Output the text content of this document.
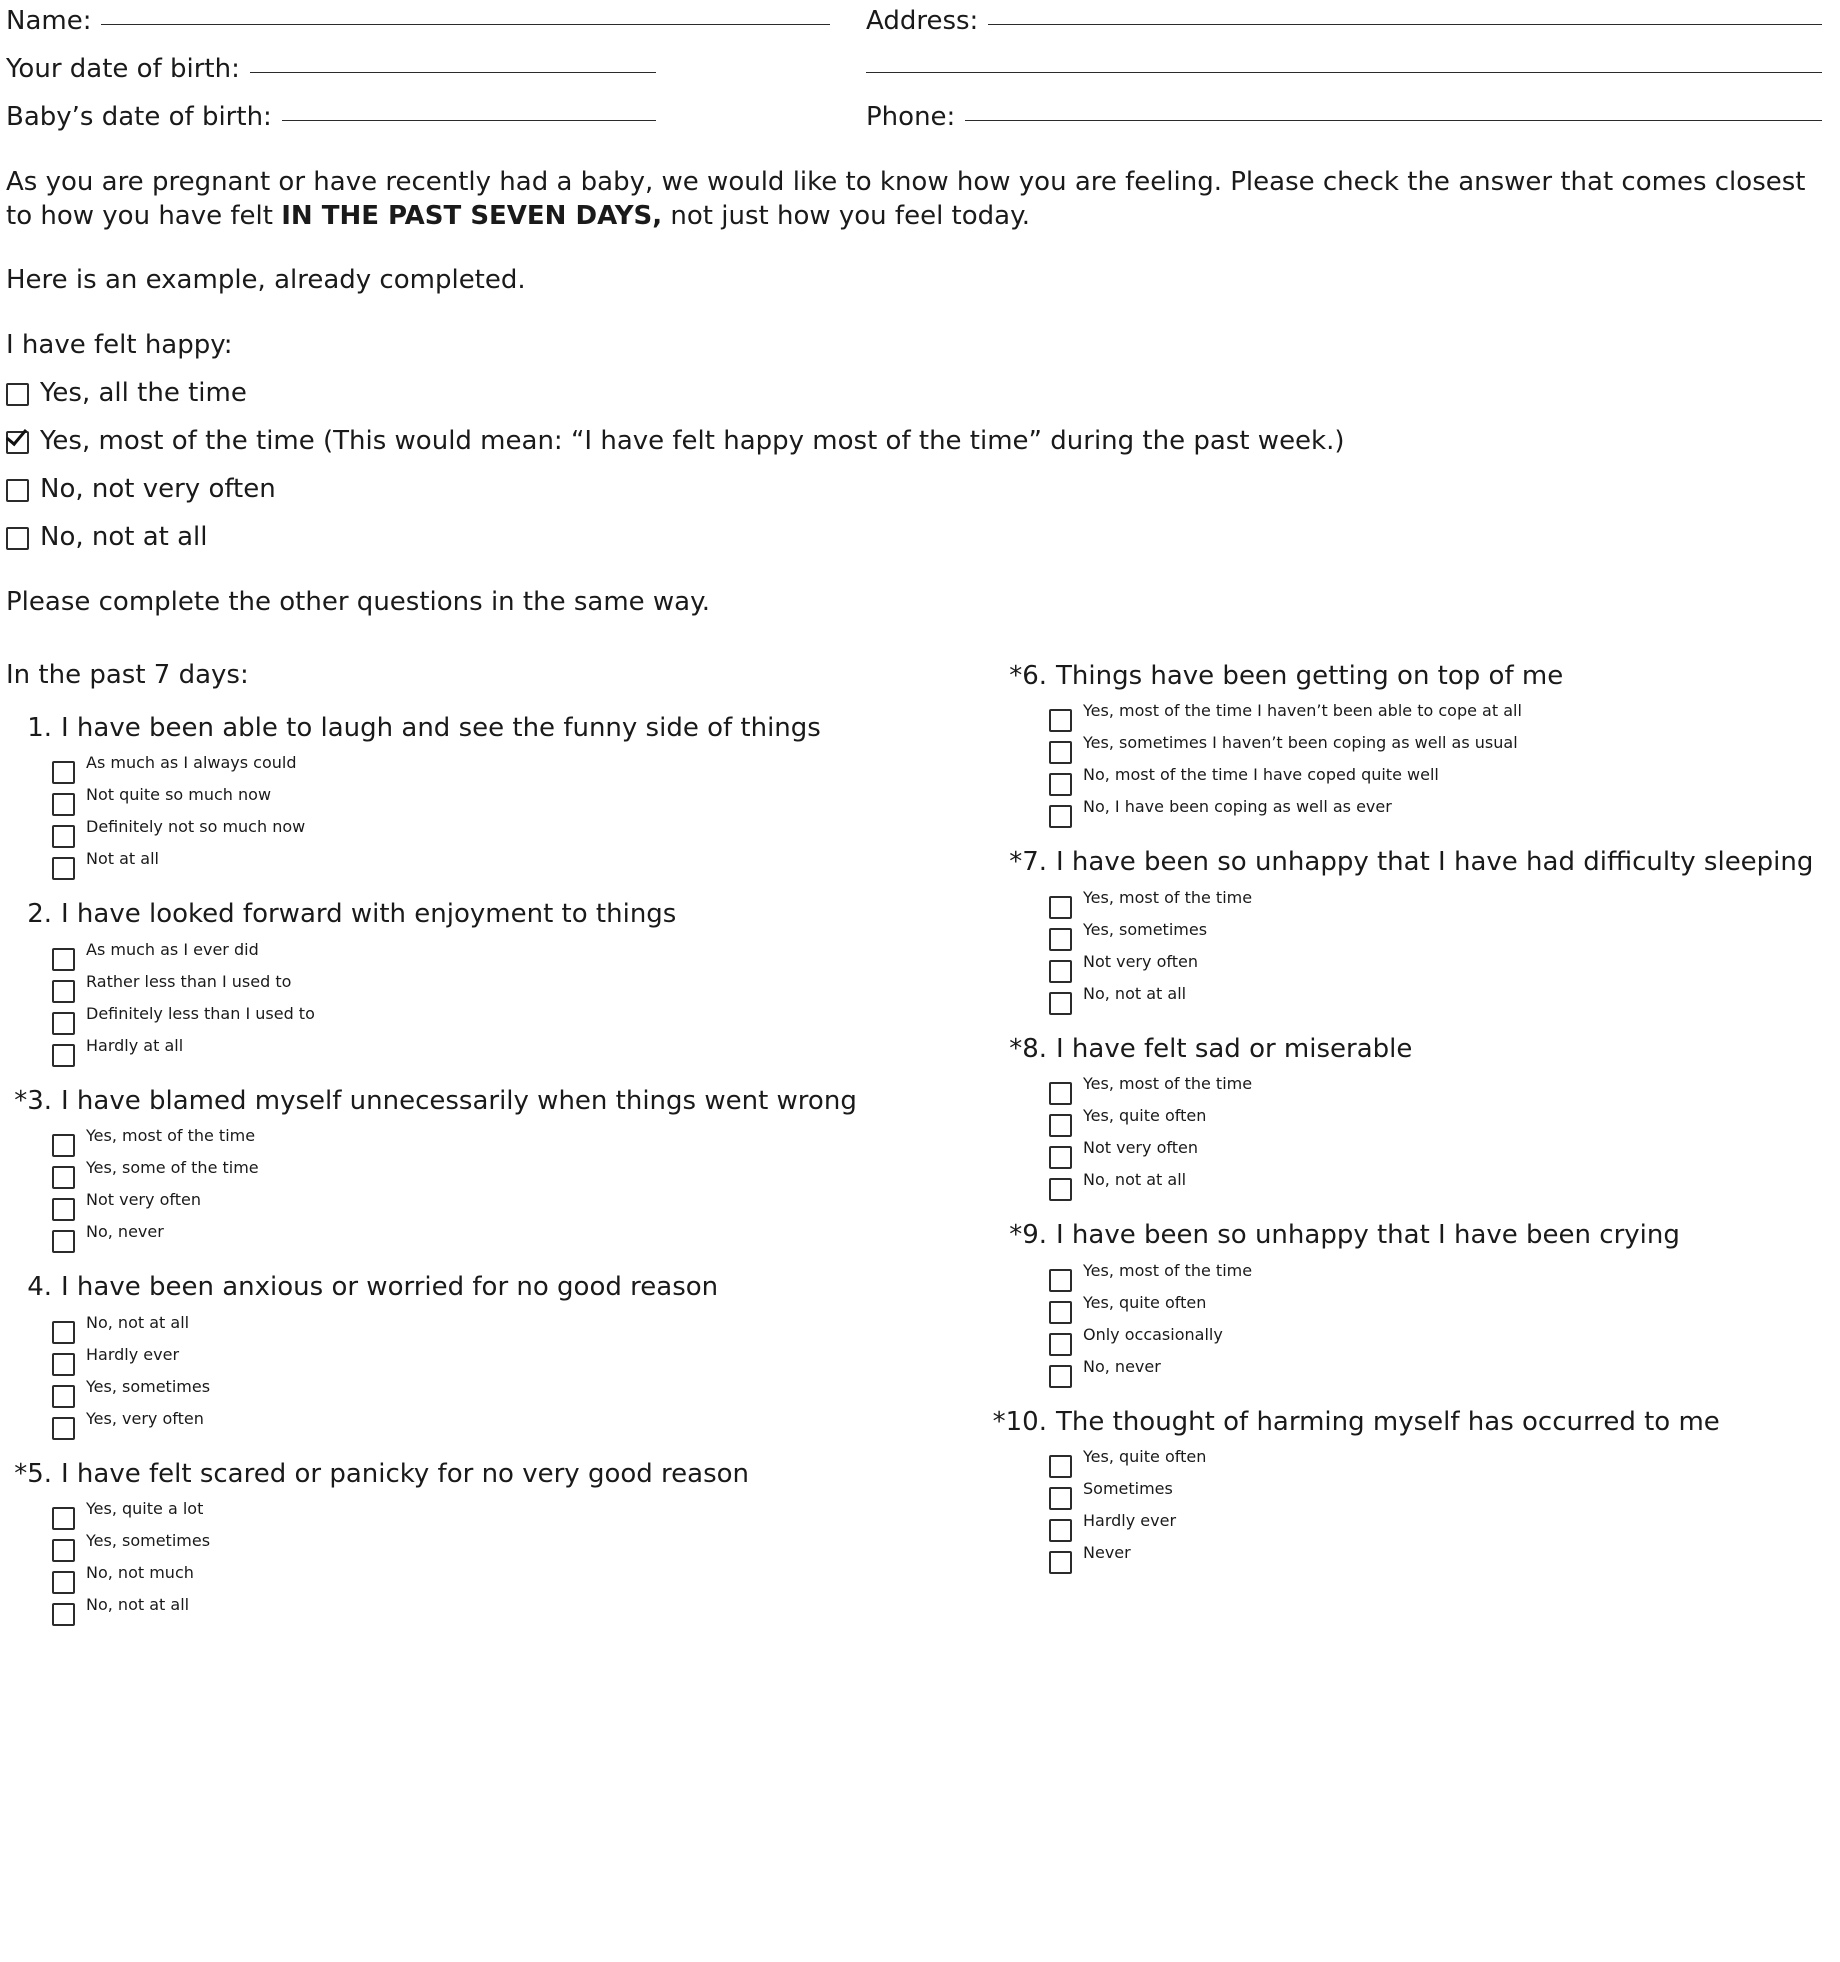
Name:	Address:
Your date of birth:
Baby’s date of birth:	Phone:
As you are pregnant or have recently had a baby, we would like to know how you are feeling. Please check the answer that comes closest to how you have felt IN THE PAST SEVEN DAYS, not just how you feel today.
Here is an example, already completed.
I have felt happy:
Yes, all the time
Yes, most of the time (This would mean: “I have felt happy most of the time” during the past week.)
No, not very often
No, not at all
Please complete the other questions in the same way.
In the past 7 days:
1. I have been able to laugh and see the funny side of things
As much as I always could
Not quite so much now
Definitely not so much now
Not at all
2. I have looked forward with enjoyment to things
As much as I ever did
Rather less than I used to
Definitely less than I used to
Hardly at all
*3. I have blamed myself unnecessarily when things went wrong
Yes, most of the time
Yes, some of the time
Not very often
No, never
4. I have been anxious or worried for no good reason
No, not at all
Hardly ever
Yes, sometimes
Yes, very often
*5. I have felt scared or panicky for no very good reason
Yes, quite a lot
Yes, sometimes
No, not much
No, not at all
*6. Things have been getting on top of me
Yes, most of the time I haven’t been able to cope at all
Yes, sometimes I haven’t been coping as well as usual
No, most of the time I have coped quite well
No, I have been coping as well as ever
*7. I have been so unhappy that I have had difficulty sleeping
Yes, most of the time
Yes, sometimes
Not very often
No, not at all
*8. I have felt sad or miserable
Yes, most of the time
Yes, quite often
Not very often
No, not at all
*9. I have been so unhappy that I have been crying
Yes, most of the time
Yes, quite often
Only occasionally
No, never
*10. The thought of harming myself has occurred to me
Yes, quite often
Sometimes
Hardly ever
Never
